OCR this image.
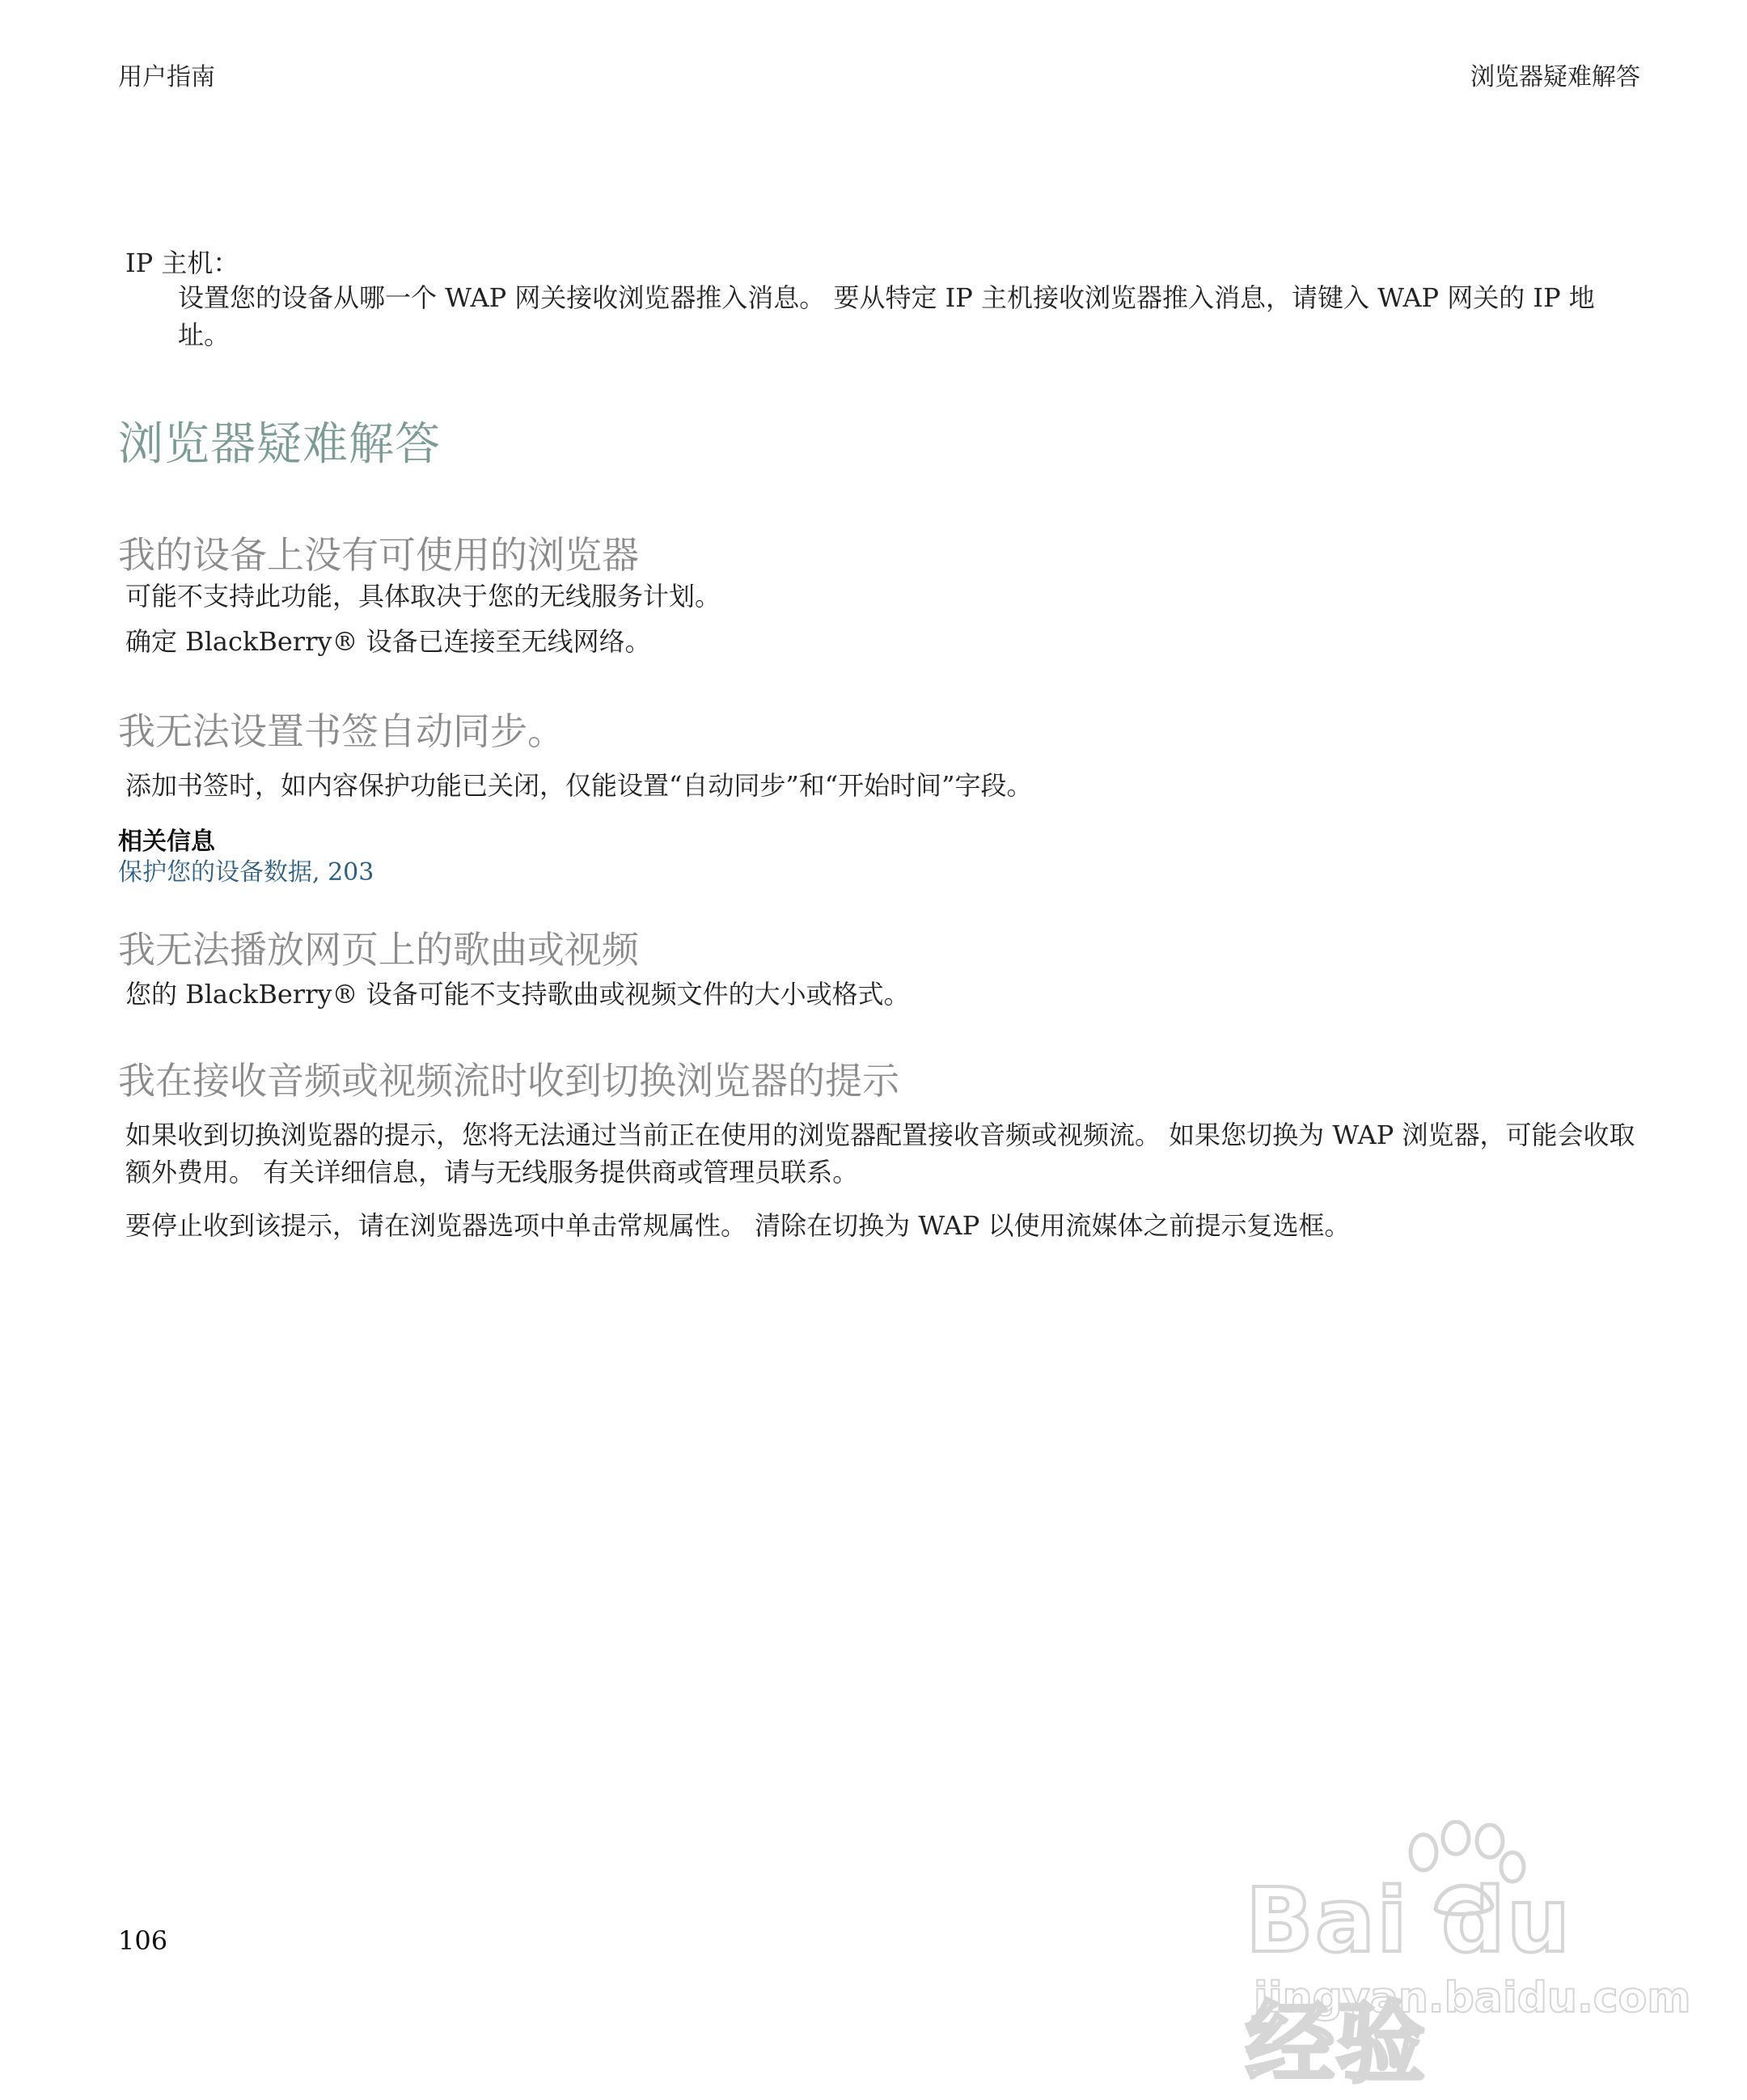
用户指南	浏览器疑难解答
IP 主机：
设置您的设备从哪一个 WAP 网关接收浏览器推入消息。 要从特定 IP 主机接收浏览器推入消息，请键入 WAP 网关的 IP 地址。
浏览器疑难解答
我的设备上没有可使用的浏览器
可能不支持此功能，具体取决于您的无线服务计划。
确定 BlackBerry® 设备已连接至无线网络。
我无法设置书签自动同步。
添加书签时，如内容保护功能已关闭，仅能设置“自动同步”和“开始时间”字段。
相关信息
保护您的设备数据, 203
我无法播放网页上的歌曲或视频
您的 BlackBerry® 设备可能不支持歌曲或视频文件的大小或格式。
我在接收音频或视频流时收到切换浏览器的提示
如果收到切换浏览器的提示，您将无法通过当前正在使用的浏览器配置接收音频或视频流。 如果您切换为 WAP 浏览器，可能会收取额外费用。 有关详细信息，请与无线服务提供商或管理员联系。
要停止收到该提示，请在浏览器选项中单击常规属性。 清除在切换为 WAP 以使用流媒体之前提示复选框。
106	Bai du 经验
jingyan.baidu.com
